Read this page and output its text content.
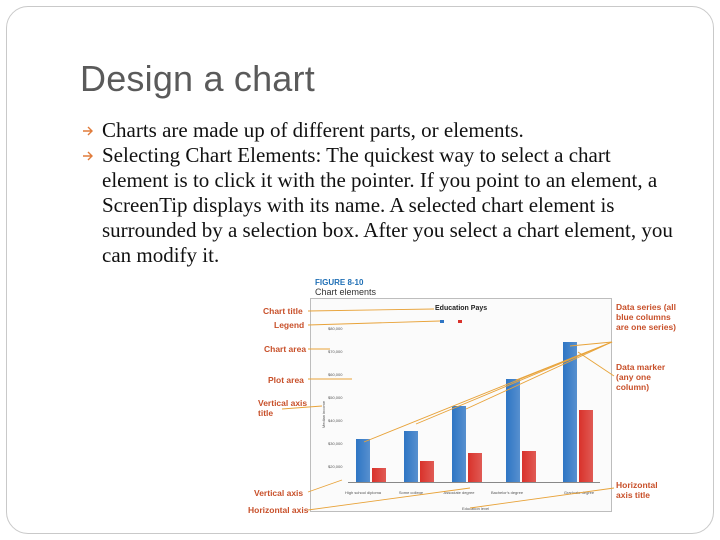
Design a chart
Charts are made up of different parts, or elements.
Selecting Chart Elements: The quickest way to select a chart element is to click it with the pointer. If you point to an element, a ScreenTip displays with its name. A selected chart element is surrounded by a selection box. After you select a chart element, you can modify it.
FIGURE 8-10
Chart elements
Education Pays

$80,000
$70,000
$60,000
$50,000
$40,000
$30,000
$20,000
Median income
High school diploma	Some college	Associate degree	Bachelor's degree	Graduate degree
Education level
Chart title
Legend
Chart area
Plot area
Vertical axis title
Vertical axis
Horizontal axis
Data series (all blue columns are one series)
Data marker (any one column)
Horizontal axis title
